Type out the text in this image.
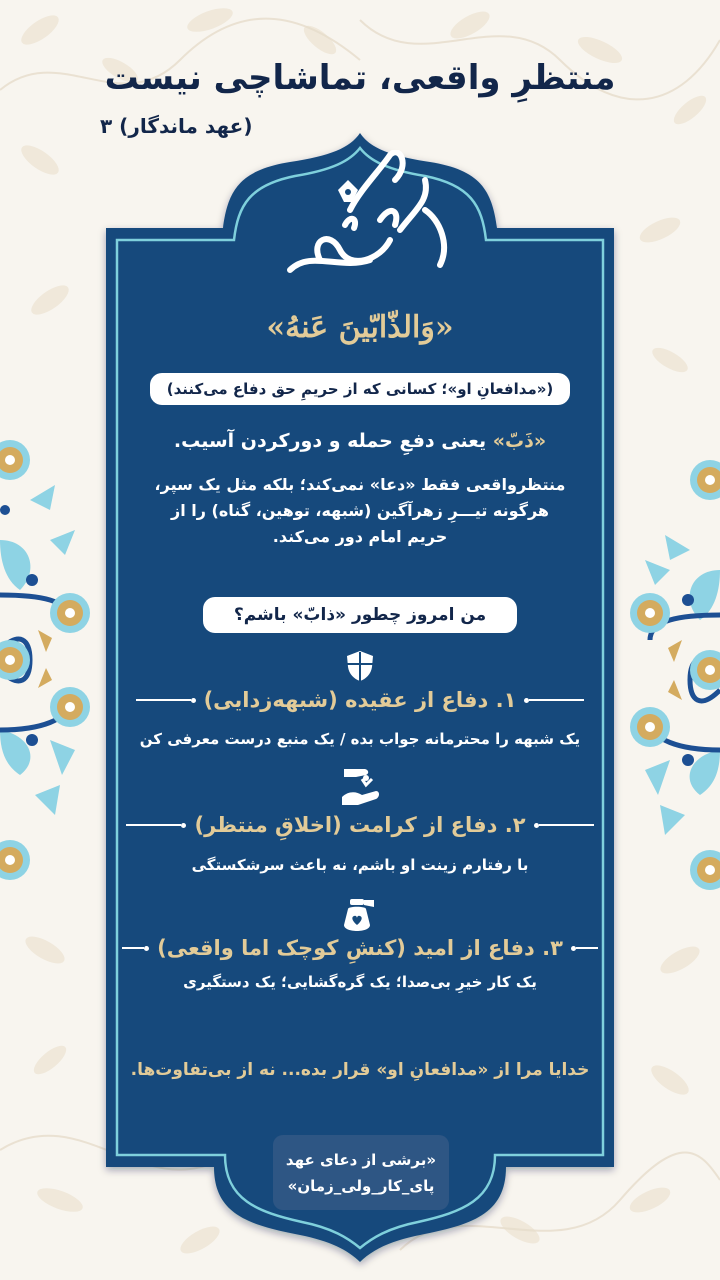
منتظرِ واقعی، تماشاچی نیست
(عهد ماندگار) ۳
«وَالذّابّینَ عَنهُ»
(«مدافعانِ او»؛ کسانی که از حریمِ حق دفاع می‌کنند)
«ذَبّ» یعنی دفعِ حمله و دورکردن آسیب.
منتظرواقعی فقط «دعا» نمی‌کند؛ بلکه مثل یک سپر،
هرگونه تیـــرِ زهرآگین (شبهه، توهین، گناه) را از
حریم امام دور می‌کند.
من امروز چطور «ذابّ» باشم؟
۱. دفاع از عقیده (شبهه‌زدایی)
یک شبهه را محترمانه جواب بده / یک منبع درست معرفی کن
۲. دفاع از کرامت (اخلاقِ منتظر)
با رفتارم زینت او باشم، نه باعث سرشکستگی
۳. دفاع از امید (کنشِ کوچک اما واقعی)
یک کار خیرِ بی‌صدا؛ یک گره‌گشایی؛ یک دستگیری
خدایا مرا از «مدافعانِ او» قرار بده... نه از بی‌تفاوت‌ها.
«برشی از دعای عهد
پای_کار_ولی_زمان»
